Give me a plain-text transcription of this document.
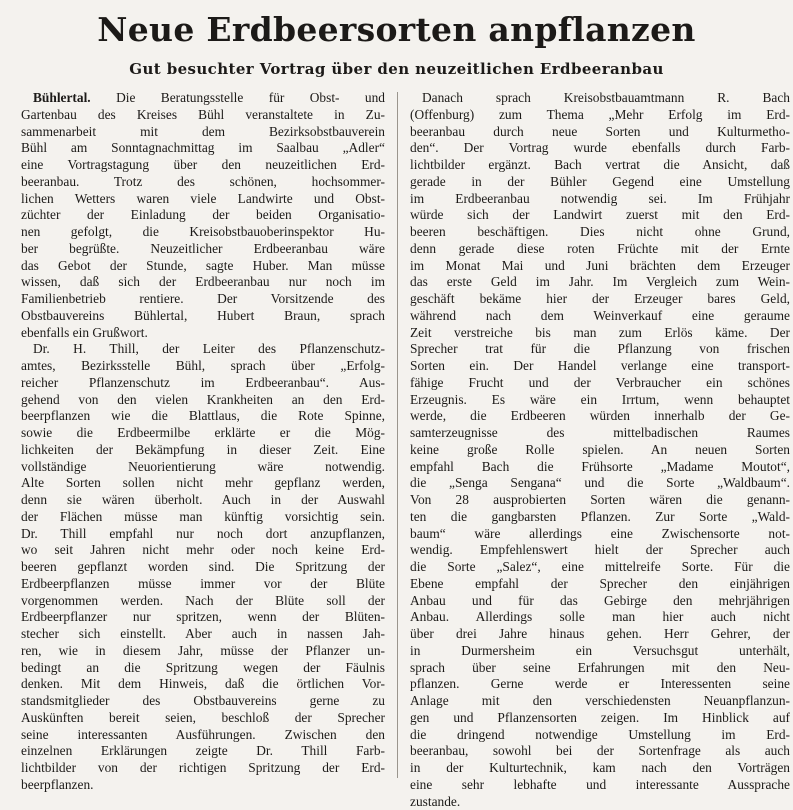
Neue Erdbeersorten anpflanzen
Gut besuchter Vortrag über den neuzeitlichen Erdbeeranbau
Bühlertal. Die Beratungsstelle für Obst- und
Gartenbau des Kreises Bühl veranstaltete in Zu-
sammenarbeit mit dem Bezirksobstbauverein
Bühl am Sonntagnachmittag im Saalbau „Adler“
eine Vortragstagung über den neuzeitlichen Erd-
beeranbau. Trotz des schönen, hochsommer-
lichen Wetters waren viele Landwirte und Obst-
züchter der Einladung der beiden Organisatio-
nen gefolgt, die Kreisobstbauoberinspektor Hu-
ber begrüßte. Neuzeitlicher Erdbeeranbau wäre
das Gebot der Stunde, sagte Huber. Man müsse
wissen, daß sich der Erdbeeranbau nur noch im
Familienbetrieb rentiere. Der Vorsitzende des
Obstbauvereins Bühlertal, Hubert Braun, sprach
ebenfalls ein Grußwort.
Dr. H. Thill, der Leiter des Pflanzenschutz-
amtes, Bezirksstelle Bühl, sprach über „Erfolg-
reicher Pflanzenschutz im Erdbeeranbau“. Aus-
gehend von den vielen Krankheiten an den Erd-
beerpflanzen wie die Blattlaus, die Rote Spinne,
sowie die Erdbeermilbe erklärte er die Mög-
lichkeiten der Bekämpfung in dieser Zeit. Eine
vollständige Neuorientierung wäre notwendig.
Alte Sorten sollen nicht mehr gepflanz werden,
denn sie wären überholt. Auch in der Auswahl
der Flächen müsse man künftig vorsichtig sein.
Dr. Thill empfahl nur noch dort anzupflanzen,
wo seit Jahren nicht mehr oder noch keine Erd-
beeren gepflanzt worden sind. Die Spritzung der
Erdbeerpflanzen müsse immer vor der Blüte
vorgenommen werden. Nach der Blüte soll der
Erdbeerpflanzer nur spritzen, wenn der Blüten-
stecher sich einstellt. Aber auch in nassen Jah-
ren, wie in diesem Jahr, müsse der Pflanzer un-
bedingt an die Spritzung wegen der Fäulnis
denken. Mit dem Hinweis, daß die örtlichen Vor-
standsmitglieder des Obstbauvereins gerne zu
Auskünften bereit seien, beschloß der Sprecher
seine interessanten Ausführungen. Zwischen den
einzelnen Erklärungen zeigte Dr. Thill Farb-
lichtbilder von der richtigen Spritzung der Erd-
beerpflanzen.
Danach sprach Kreisobstbauamtmann R. Bach
(Offenburg) zum Thema „Mehr Erfolg im Erd-
beeranbau durch neue Sorten und Kulturmetho-
den“. Der Vortrag wurde ebenfalls durch Farb-
lichtbilder ergänzt. Bach vertrat die Ansicht, daß
gerade in der Bühler Gegend eine Umstellung
im Erdbeeranbau notwendig sei. Im Frühjahr
würde sich der Landwirt zuerst mit den Erd-
beeren beschäftigen. Dies nicht ohne Grund,
denn gerade diese roten Früchte mit der Ernte
im Monat Mai und Juni brächten dem Erzeuger
das erste Geld im Jahr. Im Vergleich zum Wein-
geschäft bekäme hier der Erzeuger bares Geld,
während nach dem Weinverkauf eine geraume
Zeit verstreiche bis man zum Erlös käme. Der
Sprecher trat für die Pflanzung von frischen
Sorten ein. Der Handel verlange eine transport-
fähige Frucht und der Verbraucher ein schönes
Erzeugnis. Es wäre ein Irrtum, wenn behauptet
werde, die Erdbeeren würden innerhalb der Ge-
samterzeugnisse des mittelbadischen Raumes
keine große Rolle spielen. An neuen Sorten
empfahl Bach die Frühsorte „Madame Moutot“,
die „Senga Sengana“ und die Sorte „Waldbaum“.
Von 28 ausprobierten Sorten wären die genann-
ten die gangbarsten Pflanzen. Zur Sorte „Wald-
baum“ wäre allerdings eine Zwischensorte not-
wendig. Empfehlenswert hielt der Sprecher auch
die Sorte „Salez“, eine mittelreife Sorte. Für die
Ebene empfahl der Sprecher den einjährigen
Anbau und für das Gebirge den mehrjährigen
Anbau. Allerdings solle man hier auch nicht
über drei Jahre hinaus gehen. Herr Gehrer, der
in Durmersheim ein Versuchsgut unterhält,
sprach über seine Erfahrungen mit den Neu-
pflanzen. Gerne werde er Interessenten seine
Anlage mit den verschiedensten Neuanpflanzun-
gen und Pflanzensorten zeigen. Im Hinblick auf
die dringend notwendige Umstellung im Erd-
beeranbau, sowohl bei der Sortenfrage als auch
in der Kulturtechnik, kam nach den Vorträgen
eine sehr lebhafte und interessante Aussprache
zustande.
